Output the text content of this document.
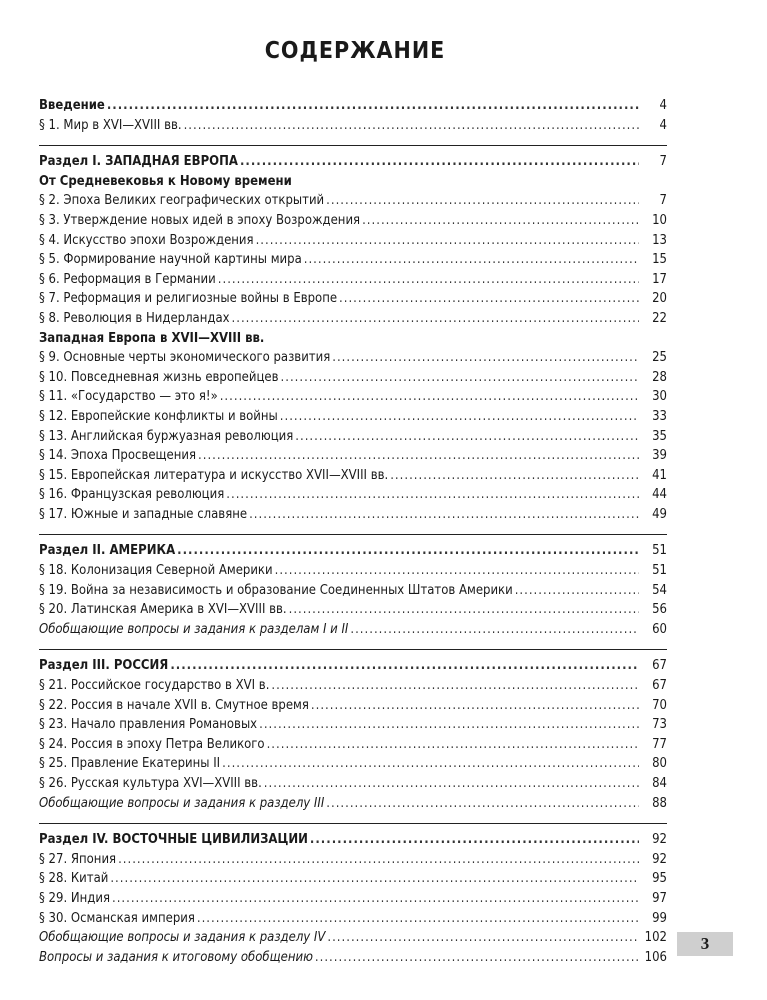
СОДЕРЖАНИЕ
Введение .....	4
§ 1. Мир в XVI—XVIII вв. .....	4
Раздел I. ЗАПАДНАЯ ЕВРОПА .....	7
От Средневековья к Новому времени
§ 2. Эпоха Великих географических открытий .....	7
§ 3. Утверждение новых идей в эпоху Возрождения .....	10
§ 4. Искусство эпохи Возрождения .....	13
§ 5. Формирование научной картины мира .....	15
§ 6. Реформация в Германии .....	17
§ 7. Реформация и религиозные войны в Европе .....	20
§ 8. Революция в Нидерландах .....	22
Западная Европа в XVII—XVIII вв.
§ 9. Основные черты экономического развития .....	25
§ 10. Повседневная жизнь европейцев .....	28
§ 11. «Государство — это я!» .....	30
§ 12. Европейские конфликты и войны .....	33
§ 13. Английская буржуазная революция .....	35
§ 14. Эпоха Просвещения .....	39
§ 15. Европейская литература и искусство XVII—XVIII вв. .....	41
§ 16. Французская революция .....	44
§ 17. Южные и западные славяне .....	49
Раздел II. АМЕРИКА .....	51
§ 18. Колонизация Северной Америки .....	51
§ 19. Война за независимость и образование Соединенных Штатов Америки .....	54
§ 20. Латинская Америка в XVI—XVIII вв. .....	56
Обобщающие вопросы и задания к разделам I и II .....	60
Раздел III. РОССИЯ .....	67
§ 21. Российское государство в XVI в. .....	67
§ 22. Россия в начале XVII в. Смутное время .....	70
§ 23. Начало правления Романовых .....	73
§ 24. Россия в эпоху Петра Великого .....	77
§ 25. Правление Екатерины II .....	80
§ 26. Русская культура XVI—XVIII вв. .....	84
Обобщающие вопросы и задания к разделу III .....	88
Раздел IV. ВОСТОЧНЫЕ ЦИВИЛИЗАЦИИ .....	92
§ 27. Япония .....	92
§ 28. Китай .....	95
§ 29. Индия .....	97
§ 30. Османская империя .....	99
Обобщающие вопросы и задания к разделу IV .....	102
Вопросы и задания к итоговому обобщению .....	106
3
